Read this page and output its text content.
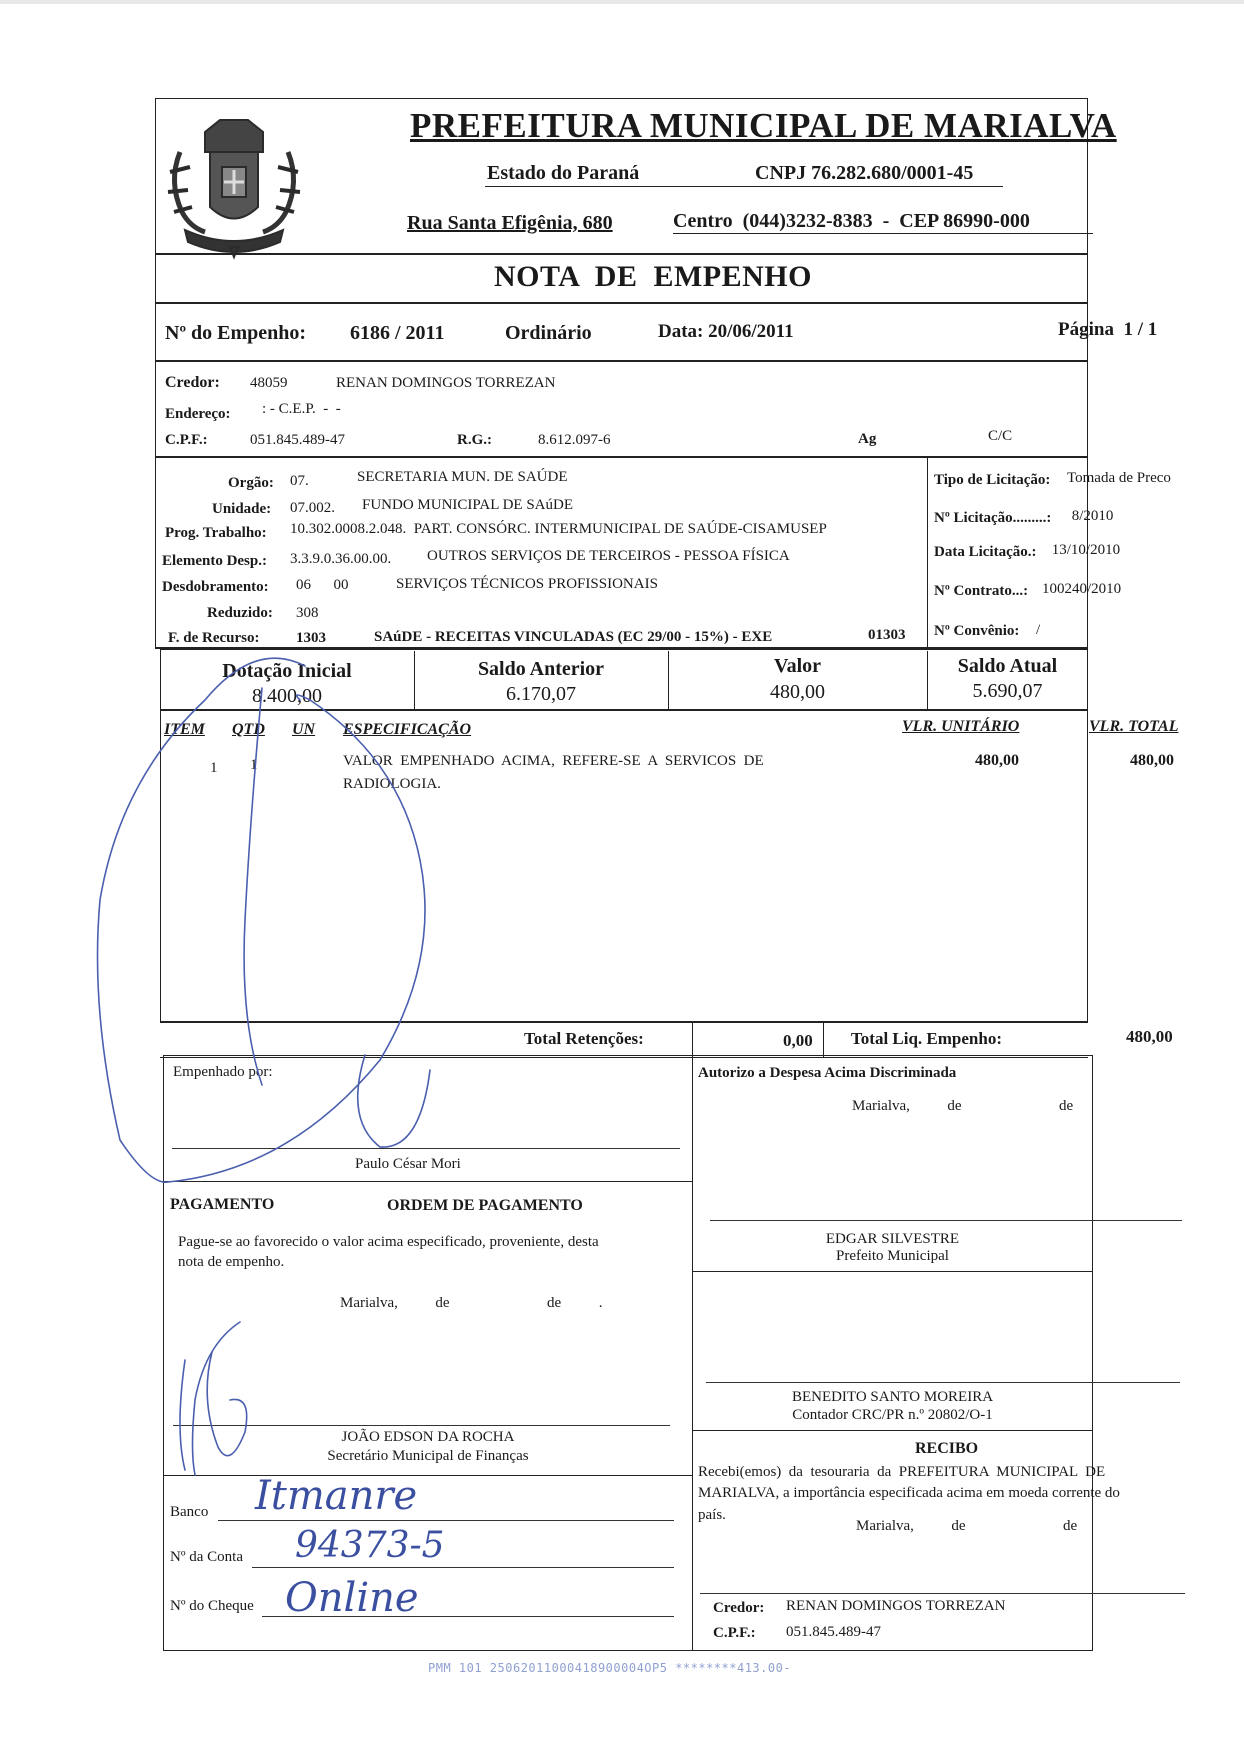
PREFEITURA MUNICIPAL DE MARIALVA
Estado do Paraná	CNPJ 76.282.680/0001-45
Rua Santa Efigênia, 680	Centro  (044)3232-8383  -  CEP 86990-000
NOTA  DE  EMPENHO
Nº do Empenho: 6186 / 2011	Ordinário	Data: 20/06/2011	Página  1 / 1
Credor: 48059	RENAN DOMINGOS TORREZAN
Endereço: : - C.E.P.  -  -
C.P.F.:	051.845.489-47	R.G.:	8.612.097-6	Ag	C/C
Orgão: 07.	SECRETARIA MUN. DE SAÚDE
Unidade: 07.002. FUNDO MUNICIPAL DE SAúDE
Prog. Trabalho: 10.302.0008.2.048.  PART. CONSÓRC. INTERMUNICIPAL DE SAÚDE-CISAMUSEP
Elemento Desp.: 3.3.9.0.36.00.00. OUTROS SERVIÇOS DE TERCEIROS - PESSOA FÍSICA
Desdobramento: 06      00	SERVIÇOS TÉCNICOS PROFISSIONAIS
Reduzido: 308
F. de Recurso: 1303	SAúDE - RECEITAS VINCULADAS (EC 29/00 - 15%) - EXE	01303
Tipo de Licitação: Tomada de Preco
Nº Licitação.........: 8/2010
Data Licitação.: 13/10/2010
Nº Contrato...: 100240/2010
Nº Convênio: /
Dotação Inicial
8.400,00
Saldo Anterior
6.170,07
Valor
480,00
Saldo Atual
5.690,07
ITEM QTD UN ESPECIFICAÇÃO	VLR. UNITÁRIO	VLR. TOTAL
1 1	VALOR  EMPENHADO  ACIMA,  REFERE-SE  A  SERVICOS  DE
RADIOLOGIA.
480,00	480,00
Total Retenções:	0,00 Total Liq. Empenho:	480,00
Empenhado por:
Paulo César Mori
Autorizo a Despesa Acima Discriminada
Marialva,          de                          de
EDGAR SILVESTRE
Prefeito Municipal
BENEDITO SANTO MOREIRA
Contador CRC/PR n.º 20802/O-1
PAGAMENTO	ORDEM DE PAGAMENTO
Pague-se ao favorecido o valor acima especificado, proveniente, desta
nota de empenho.
Marialva,          de                          de          .
JOÃO EDSON DA ROCHA
Secretário Municipal de Finanças
Banco Itmanre
Nº da Conta 94373-5
Nº do Cheque Online
RECIBO
Recebi(emos)  da  tesouraria  da  PREFEITURA  MUNICIPAL  DE
MARIALVA, a importância especificada acima em moeda corrente do
país.
Marialva,          de                          de
Credor: RENAN DOMINGOS TORREZAN
C.P.F.: 051.845.489-47
PMM 101 25062011000418900004OP5 ********413.00-
